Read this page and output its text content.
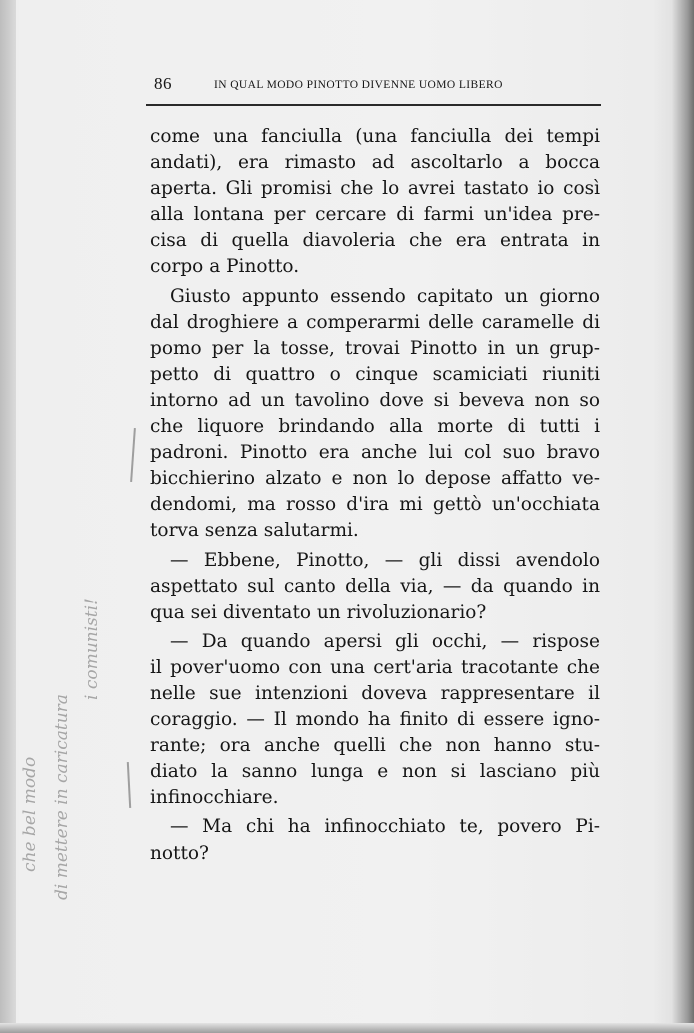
86	IN QUAL MODO PINOTTO DIVENNE UOMO LIBERO
come una fanciulla (una fanciulla dei tempi
andati), era rimasto ad ascoltarlo a bocca
aperta. Gli promisi che lo avrei tastato io così
alla lontana per cercare di farmi un'idea pre-
cisa di quella diavoleria che era entrata in
corpo a Pinotto.
Giusto appunto essendo capitato un giorno
dal droghiere a comperarmi delle caramelle di
pomo per la tosse, trovai Pinotto in un grup-
petto di quattro o cinque scamiciati riuniti
intorno ad un tavolino dove si beveva non so
che liquore brindando alla morte di tutti i
padroni. Pinotto era anche lui col suo bravo
bicchierino alzato e non lo depose affatto ve-
dendomi, ma rosso d'ira mi gettò un'occhiata
torva senza salutarmi.
— Ebbene, Pinotto, — gli dissi avendolo
aspettato sul canto della via, — da quando in
qua sei diventato un rivoluzionario?
— Da quando apersi gli occhi, — rispose
il pover'uomo con una cert'aria tracotante che
nelle sue intenzioni doveva rappresentare il
coraggio. — Il mondo ha finito di essere igno-
rante; ora anche quelli che non hanno stu-
diato la sanno lunga e non si lasciano più
infinocchiare.
— Ma chi ha infinocchiato te, povero Pi-
notto?
che bel modo di mettere in caricatura
i comunisti!
